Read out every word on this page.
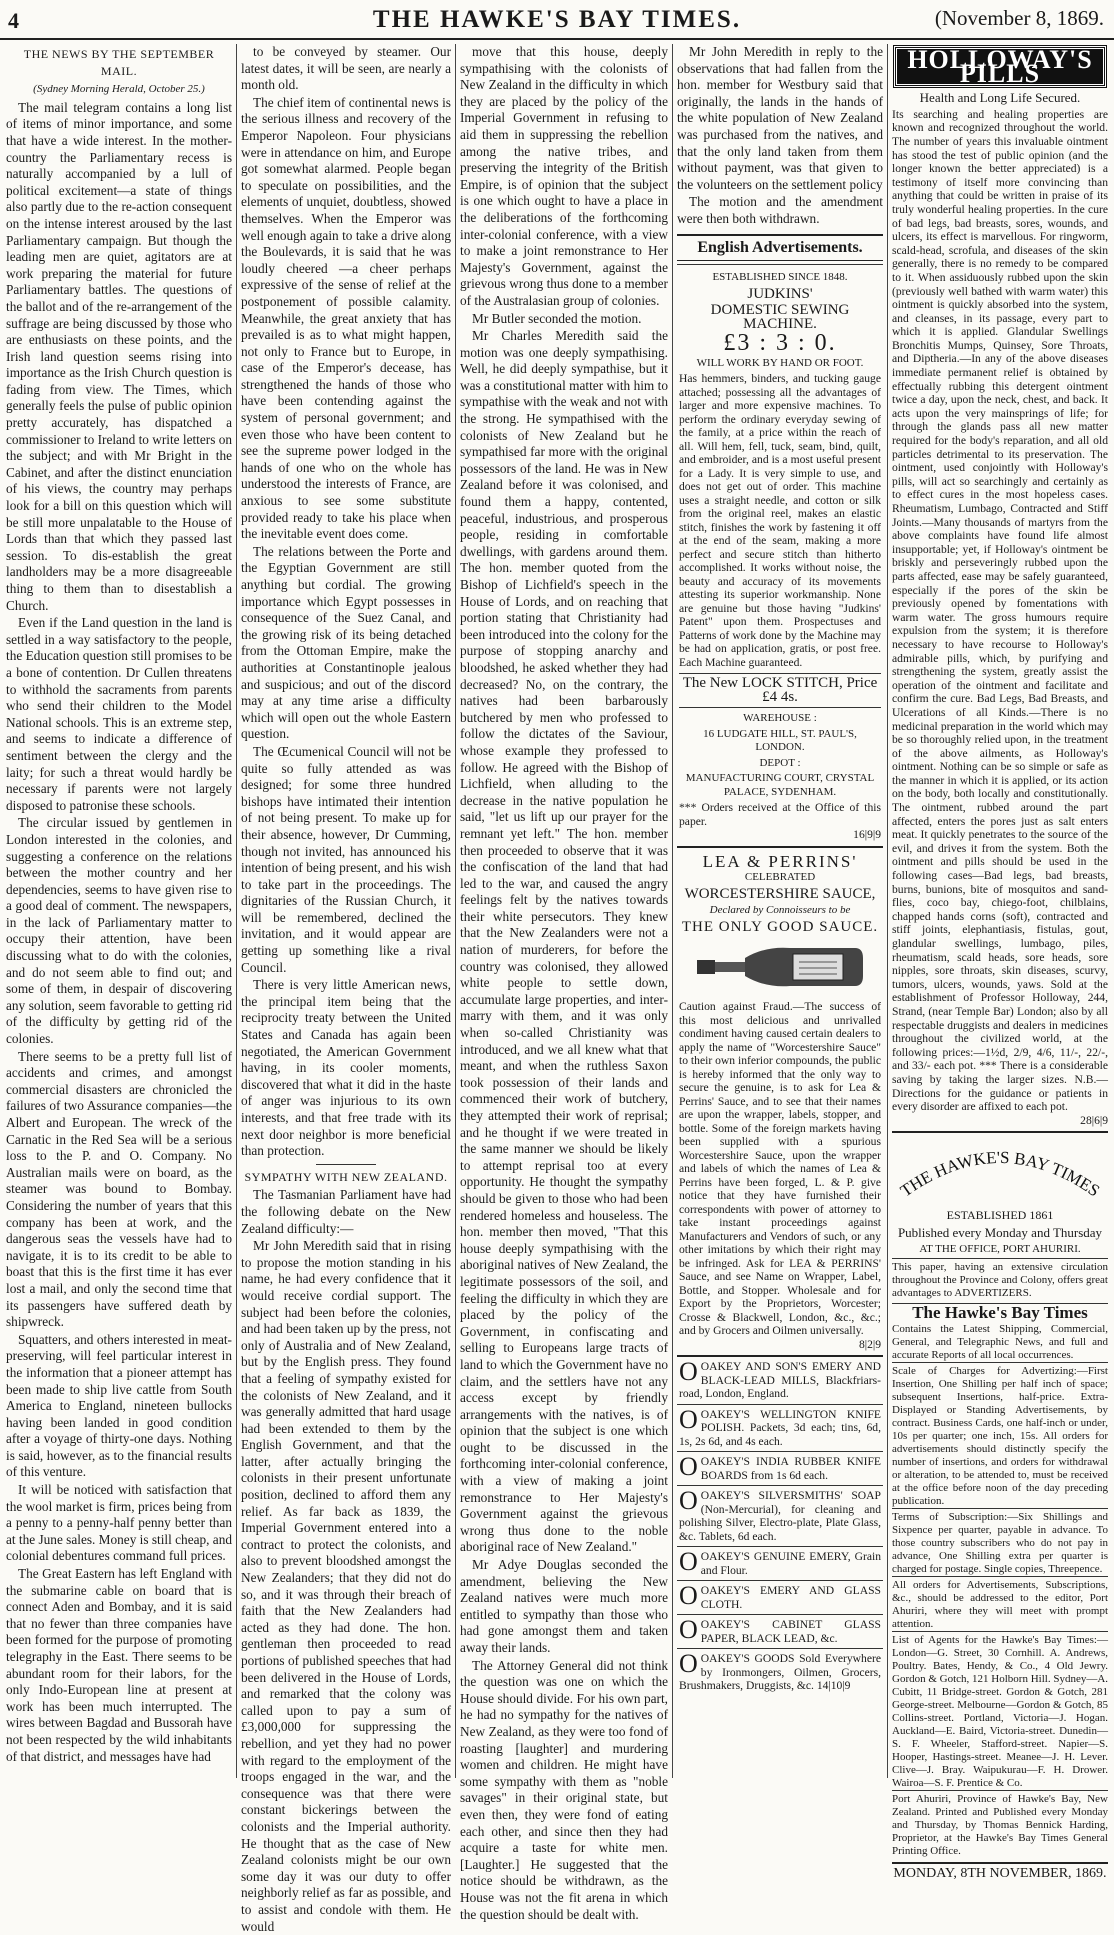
4	THE HAWKE'S BAY TIMES.	(November 8, 1869.
THE NEWS BY THE SEPTEMBER MAIL.
(Sydney Morning Herald, October 25.)

The mail telegram contains a long list of items of minor importance, and some that have a wide interest. In the mother-country the Parliamentary recess is naturally accompanied by a lull of political excitement—a state of things also partly due to the re-action consequent on the intense interest aroused by the last Parliamentary campaign. But though the leading men are quiet, agitators are at work preparing the material for future Parliamentary battles. The questions of the ballot and of the re-arrangement of the suffrage are being discussed by those who are enthusiasts on these points, and the Irish land question seems rising into importance as the Irish Church question is fading from view. The Times, which generally feels the pulse of public opinion pretty accurately, has dispatched a commissioner to Ireland to write letters on the subject; and with Mr Bright in the Cabinet, and after the distinct enunciation of his views, the country may perhaps look for a bill on this question which will be still more unpalatable to the House of Lords than that which they passed last session. To dis-establish the great landholders may be a more disagreeable thing to them than to disestablish a Church.

Even if the Land question in the land is settled in a way satisfactory to the people, the Education question still promises to be a bone of contention. Dr Cullen threatens to withhold the sacraments from parents who send their children to the Model National schools. This is an extreme step, and seems to indicate a difference of sentiment between the clergy and the laity; for such a threat would hardly be necessary if parents were not largely disposed to patronise these schools.

The circular issued by gentlemen in London interested in the colonies, and suggesting a conference on the relations between the mother country and her dependencies, seems to have given rise to a good deal of comment. The newspapers, in the lack of Parliamentary matter to occupy their attention, have been discussing what to do with the colonies, and do not seem able to find out; and some of them, in despair of discovering any solution, seem favorable to getting rid of the difficulty by getting rid of the colonies.

There seems to be a pretty full list of accidents and crimes, and amongst commercial disasters are chronicled the failures of two Assurance companies—the Albert and European. The wreck of the Carnatic in the Red Sea will be a serious loss to the P. and O. Company. No Australian mails were on board, as the steamer was bound to Bombay. Considering the number of years that this company has been at work, and the dangerous seas the vessels have had to navigate, it is to its credit to be able to boast that this is the first time it has ever lost a mail, and only the second time that its passengers have suffered death by shipwreck.

Squatters, and others interested in meat-preserving, will feel particular interest in the information that a pioneer attempt has been made to ship live cattle from South America to England, nineteen bullocks having been landed in good condition after a voyage of thirty-one days. Nothing is said, however, as to the financial results of this venture.

It will be noticed with satisfaction that the wool market is firm, prices being from a penny to a penny-half penny better than at the June sales. Money is still cheap, and colonial debentures command full prices.

The Great Eastern has left England with the submarine cable on board that is connect Aden and Bombay, and it is said that no fewer than three companies have been formed for the purpose of promoting telegraphy in the East. There seems to be abundant room for their labors, for the only Indo-European line at present at work has been much interrupted. The wires between Bagdad and Bussorah have not been respected by the wild inhabitants of that district, and messages have had

to be conveyed by steamer. Our latest dates, it will be seen, are nearly a month old.

The chief item of continental news is the serious illness and recovery of the Emperor Napoleon. Four physicians were in attendance on him, and Europe got somewhat alarmed. People began to speculate on possibilities, and the elements of unquiet, doubtless, showed themselves. When the Emperor was well enough again to take a drive along the Boulevards, it is said that he was loudly cheered —a cheer perhaps expressive of the sense of relief at the postponement of possible calamity. Meanwhile, the great anxiety that has prevailed is as to what might happen, not only to France but to Europe, in case of the Emperor's decease, has strengthened the hands of those who have been contending against the system of personal government; and even those who have been content to see the supreme power lodged in the hands of one who on the whole has understood the interests of France, are anxious to see some substitute provided ready to take his place when the inevitable event does come.

The relations between the Porte and the Egyptian Government are still anything but cordial. The growing importance which Egypt possesses in consequence of the Suez Canal, and the growing risk of its being detached from the Ottoman Empire, make the authorities at Constantinople jealous and suspicious; and out of the discord may at any time arise a difficulty which will open out the whole Eastern question.

The Œcumenical Council will not be quite so fully attended as was designed; for some three hundred bishops have intimated their intention of not being present. To make up for their absence, however, Dr Cumming, though not invited, has announced his intention of being present, and his wish to take part in the proceedings. The dignitaries of the Russian Church, it will be remembered, declined the invitation, and it would appear are getting up something like a rival Council.

There is very little American news, the principal item being that the reciprocity treaty between the United States and Canada has again been negotiated, the American Government having, in its cooler moments, discovered that what it did in the haste of anger was injurious to its own interests, and that free trade with its next door neighbor is more beneficial than protection.

SYMPATHY WITH NEW ZEALAND.

The Tasmanian Parliament have had the following debate on the New Zealand difficulty:—

Mr John Meredith said that in rising to propose the motion standing in his name, he had every confidence that it would receive cordial support. The subject had been before the colonies, and had been taken up by the press, not only of Australia and of New Zealand, but by the English press. They found that a feeling of sympathy existed for the colonists of New Zealand, and it was generally admitted that hard usage had been extended to them by the English Government, and that the latter, after actually bringing the colonists in their present unfortunate position, declined to afford them any relief. As far back as 1839, the Imperial Government entered into a contract to protect the colonists, and also to prevent bloodshed amongst the New Zealanders; that they did not do so, and it was through their breach of faith that the New Zealanders had acted as they had done. The hon. gentleman then proceeded to read portions of published speeches that had been delivered in the House of Lords, and remarked that the colony was called upon to pay a sum of £3,000,000 for suppressing the rebellion, and yet they had no power with regard to the employment of the troops engaged in the war, and the consequence was that there were constant bickerings between the colonists and the Imperial authority. He thought that as the case of New Zealand colonists might be our own some day it was our duty to offer neighborly relief as far as possible, and to assist and condole with them. He would

move that this house, deeply sympathising with the colonists of New Zealand in the difficulty in which they are placed by the policy of the Imperial Government in refusing to aid them in suppressing the rebellion among the native tribes, and preserving the integrity of the British Empire, is of opinion that the subject is one which ought to have a place in the deliberations of the forthcoming inter-colonial conference, with a view to make a joint remonstrance to Her Majesty's Government, against the grievous wrong thus done to a member of the Australasian group of colonies.

Mr Butler seconded the motion.

Mr Charles Meredith said the motion was one deeply sympathising. Well, he did deeply sympathise, but it was a constitutional matter with him to sympathise with the weak and not with the strong. He sympathised with the colonists of New Zealand but he sympathised far more with the original possessors of the land. He was in New Zealand before it was colonised, and found them a happy, contented, peaceful, industrious, and prosperous people, residing in comfortable dwellings, with gardens around them. The hon. member quoted from the Bishop of Lichfield's speech in the House of Lords, and on reaching that portion stating that Christianity had been introduced into the colony for the purpose of stopping anarchy and bloodshed, he asked whether they had decreased? No, on the contrary, the natives had been barbarously butchered by men who professed to follow the dictates of the Saviour, whose example they professed to follow. He agreed with the Bishop of Lichfield, when alluding to the decrease in the native population he said, "let us lift up our prayer for the remnant yet left." The hon. member then proceeded to observe that it was the confiscation of the land that had led to the war, and caused the angry feelings felt by the natives towards their white persecutors. They knew that the New Zealanders were not a nation of murderers, for before the country was colonised, they allowed white people to settle down, accumulate large properties, and inter-marry with them, and it was only when so-called Christianity was introduced, and we all knew what that meant, and when the ruthless Saxon took possession of their lands and commenced their work of butchery, they attempted their work of reprisal; and he thought if we were treated in the same manner we should be likely to attempt reprisal too at every opportunity. He thought the sympathy should be given to those who had been rendered homeless and houseless. The hon. member then moved, "That this house deeply sympathising with the aboriginal natives of New Zealand, the legitimate possessors of the soil, and feeling the difficulty in which they are placed by the policy of the Government, in confiscating and selling to Europeans large tracts of land to which the Government have no claim, and the settlers have not any access except by friendly arrangements with the natives, is of opinion that the subject is one which ought to be discussed in the forthcoming inter-colonial conference, with a view of making a joint remonstrance to Her Majesty's Government against the grievous wrong thus done to the noble aboriginal race of New Zealand."

Mr Adye Douglas seconded the amendment, believing the New Zealand natives were much more entitled to sympathy than those who had gone amongst them and taken away their lands.

The Attorney General did not think the question was one on which the House should divide. For his own part, he had no sympathy for the natives of New Zealand, as they were too fond of roasting [laughter] and murdering women and children. He might have some sympathy with them as "noble savages" in their original state, but even then, they were fond of eating each other, and since then they had acquire a taste for white men. [Laughter.] He suggested that the notice should be withdrawn, as the House was not the fit arena in which the question should be dealt with.

Mr John Meredith in reply to the observations that had fallen from the hon. member for Westbury said that originally, the lands in the hands of the white population of New Zealand was purchased from the natives, and that the only land taken from them without payment, was that given to the volunteers on the settlement policy

The motion and the amendment were then both withdrawn.

English Advertisements.
ESTABLISHED SINCE 1848.
JUDKINS'
DOMESTIC SEWING MACHINE.
£3 : 3 : 0.
WILL WORK BY HAND OR FOOT.
Has hemmers, binders, and tucking gauge attached; possessing all the advantages of larger and more expensive machines. To perform the ordinary everyday sewing of the family, at a price within the reach of all. Will hem, fell, tuck, seam, bind, quilt, and embroider, and is a most useful present for a Lady. It is very simple to use, and does not get out of order. This machine uses a straight needle, and cotton or silk from the original reel, makes an elastic stitch, finishes the work by fastening it off at the end of the seam, making a more perfect and secure stitch than hitherto accomplished. It works without noise, the beauty and accuracy of its movements attesting its superior workmanship. None are genuine but those having "Judkins' Patent" upon them. Prospectuses and Patterns of work done by the Machine may be had on application, gratis, or post free. Each Machine guaranteed.
The New LOCK STITCH, Price £4 4s.
WAREHOUSE :
16 LUDGATE HILL, ST. PAUL'S, LONDON.
DEPOT :
MANUFACTURING COURT, CRYSTAL PALACE, SYDENHAM.
*** Orders received at the Office of this paper.
16|9|9
LEA & PERRINS'
CELEBRATED
WORCESTERSHIRE SAUCE,
Declared by Connoisseurs to be
THE ONLY GOOD SAUCE.
Caution against Fraud.—The success of this most delicious and unrivalled condiment having caused certain dealers to apply the name of "Worcestershire Sauce" to their own inferior compounds, the public is hereby informed that the only way to secure the genuine, is to ask for Lea & Perrins' Sauce, and to see that their names are upon the wrapper, labels, stopper, and bottle. Some of the foreign markets having been supplied with a spurious Worcestershire Sauce, upon the wrapper and labels of which the names of Lea & Perrins have been forged, L. & P. give notice that they have furnished their correspondents with power of attorney to take instant proceedings against Manufacturers and Vendors of such, or any other imitations by which their right may be infringed. Ask for LEA & PERRINS' Sauce, and see Name on Wrapper, Label, Bottle, and Stopper. Wholesale and for Export by the Proprietors, Worcester; Crosse & Blackwell, London, &c., &c.; and by Grocers and Oilmen universally.
8|2|9
OOAKEY AND SON'S EMERY AND BLACK-LEAD MILLS, Blackfriars-road, London, England.
OOAKEY'S WELLINGTON KNIFE POLISH. Packets, 3d each; tins, 6d, 1s, 2s 6d, and 4s each.
OOAKEY'S INDIA RUBBER KNIFE BOARDS from 1s 6d each.
OOAKEY'S SILVERSMITHS' SOAP (Non-Mercurial), for cleaning and polishing Silver, Electro-plate, Plate Glass, &c. Tablets, 6d each.
OOAKEY'S GENUINE EMERY, Grain and Flour.
OOAKEY'S EMERY AND GLASS CLOTH.
OOAKEY'S CABINET GLASS PAPER, BLACK LEAD, &c.
OOAKEY'S GOODS Sold Everywhere by Ironmongers, Oilmen, Grocers, Brushmakers, Druggists, &c. 14|10|9
HOLLOWAY'S PILLS
Health and Long Life Secured.
Its searching and healing properties are known and recognized throughout the world. The number of years this invaluable ointment has stood the test of public opinion (and the longer known the better appreciated) is a testimony of itself more convincing than anything that could be written in praise of its truly wonderful healing properties. In the cure of bad legs, bad breasts, sores, wounds, and ulcers, its effect is marvellous. For ringworm, scald-head, scrofula, and diseases of the skin generally, there is no remedy to be compared to it. When assiduously rubbed upon the skin (previously well bathed with warm water) this ointment is quickly absorbed into the system, and cleanses, in its passage, every part to which it is applied. Glandular Swellings Bronchitis Mumps, Quinsey, Sore Throats, and Diptheria.—In any of the above diseases immediate permanent relief is obtained by effectually rubbing this detergent ointment twice a day, upon the neck, chest, and back. It acts upon the very mainsprings of life; for through the glands pass all new matter required for the body's reparation, and all old particles detrimental to its preservation. The ointment, used conjointly with Holloway's pills, will act so searchingly and certainly as to effect cures in the most hopeless cases. Rheumatism, Lumbago, Contracted and Stiff Joints.—Many thousands of martyrs from the above complaints have found life almost insupportable; yet, if Holloway's ointment be briskly and perseveringly rubbed upon the parts affected, ease may be safely guaranteed, especially if the pores of the skin be previously opened by fomentations with warm water. The gross humours require expulsion from the system; it is therefore necessary to have recourse to Holloway's admirable pills, which, by purifying and strengthening the system, greatly assist the operation of the ointment and facilitate and confirm the cure. Bad Legs, Bad Breasts, and Ulcerations of all Kinds.—There is no medicinal preparation in the world which may be so thoroughly relied upon, in the treatment of the above ailments, as Holloway's ointment. Nothing can be so simple or safe as the manner in which it is applied, or its action on the body, both locally and constitutionally. The ointment, rubbed around the part affected, enters the pores just as salt enters meat. It quickly penetrates to the source of the evil, and drives it from the system. Both the ointment and pills should be used in the following cases—Bad legs, bad breasts, burns, bunions, bite of mosquitos and sand-flies, coco bay, chiego-foot, chilblains, chapped hands corns (soft), contracted and stiff joints, elephantiasis, fistulas, gout, glandular swellings, lumbago, piles, rheumatism, scald heads, sore heads, sore nipples, sore throats, skin diseases, scurvy, tumors, ulcers, wounds, yaws. Sold at the establishment of Professor Holloway, 244, Strand, (near Temple Bar) London; also by all respectable druggists and dealers in medicines throughout the civilized world, at the following prices:—1½d, 2/9, 4/6, 11/-, 22/-, and 33/- each pot. *** There is a considerable saving by taking the larger sizes. N.B.—Directions for the guidance or patients in every disorder are affixed to each pot.
28|6|9
THE HAWKE'S BAY TIMES
ESTABLISHED 1861
Published every Monday and Thursday
AT THE OFFICE, PORT AHURIRI.
This paper, having an extensive circulation throughout the Province and Colony, offers great advantages to ADVERTIZERS.
The Hawke's Bay Times
Contains the Latest Shipping, Commercial, General, and Telegraphic News, and full and accurate Reports of all local occurrences.
Scale of Charges for Advertizing:—First Insertion, One Shilling per half inch of space; subsequent Insertions, half-price. Extra-Displayed or Standing Advertisements, by contract. Business Cards, one half-inch or under, 10s per quarter; one inch, 15s. All orders for advertisements should distinctly specify the number of insertions, and orders for withdrawal or alteration, to be attended to, must be received at the office before noon of the day preceding publication.
Terms of Subscription:—Six Shillings and Sixpence per quarter, payable in advance. To those country subscribers who do not pay in advance, One Shilling extra per quarter is charged for postage. Single copies, Threepence.
All orders for Advertisements, Subscriptions, &c., should be addressed to the editor, Port Ahuriri, where they will meet with prompt attention.
List of Agents for the Hawke's Bay Times:— London—G. Street, 30 Cornhill. A. Andrews, Poultry. Bates, Hendy, & Co., 4 Old Jewry. Gordon & Gotch, 121 Holborn Hill. Sydney—A. Cubitt, 11 Bridge-street. Gordon & Gotch, 281 George-street. Melbourne—Gordon & Gotch, 85 Collins-street. Portland, Victoria—J. Hogan. Auckland—E. Baird, Victoria-street. Dunedin—S. F. Wheeler, Stafford-street. Napier—S. Hooper, Hastings-street. Meanee—J. H. Lever. Clive—J. Bray. Waipukurau—F. H. Drower. Wairoa—S. F. Prentice & Co.
Port Ahuriri, Province of Hawke's Bay, New Zealand. Printed and Published every Monday and Thursday, by Thomas Bennick Harding, Proprietor, at the Hawke's Bay Times General Printing Office.
MONDAY, 8TH NOVEMBER, 1869.
